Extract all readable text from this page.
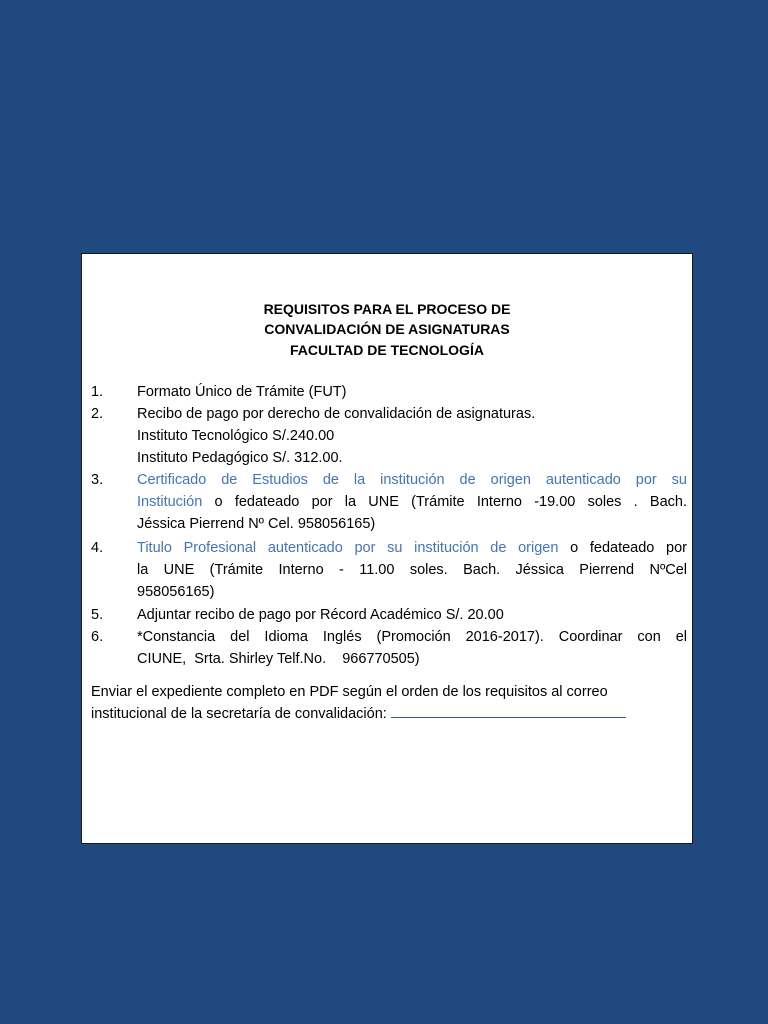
REQUISITOS PARA EL PROCESO DE
CONVALIDACIÓN DE ASIGNATURAS
FACULTAD DE TECNOLOGÍA
1.	Formato Único de Trámite (FUT)
2.	Recibo de pago por derecho de convalidación de asignaturas.
Instituto Tecnológico S/.240.00
Instituto Pedagógico S/. 312.00.
3.	Certificado de Estudios de la institución de origen autenticado por su
Institución o fedateado por la UNE (Trámite Interno -19.00 soles . Bach.
Jéssica Pierrend Nº Cel. 958056165)
4.	Titulo Profesional autenticado por su institución de origen o fedateado por
la UNE (Trámite Interno - 11.00 soles. Bach. Jéssica Pierrend NºCel
958056165)
5.	Adjuntar recibo de pago por Récord Académico S/. 20.00
6.	*Constancia del Idioma Inglés (Promoción 2016-2017). Coordinar con el
CIUNE,  Srta. Shirley Telf.No.    966770505)
Enviar el expediente completo en PDF según el orden de los requisitos al correo
institucional de la secretaría de convalidación:
